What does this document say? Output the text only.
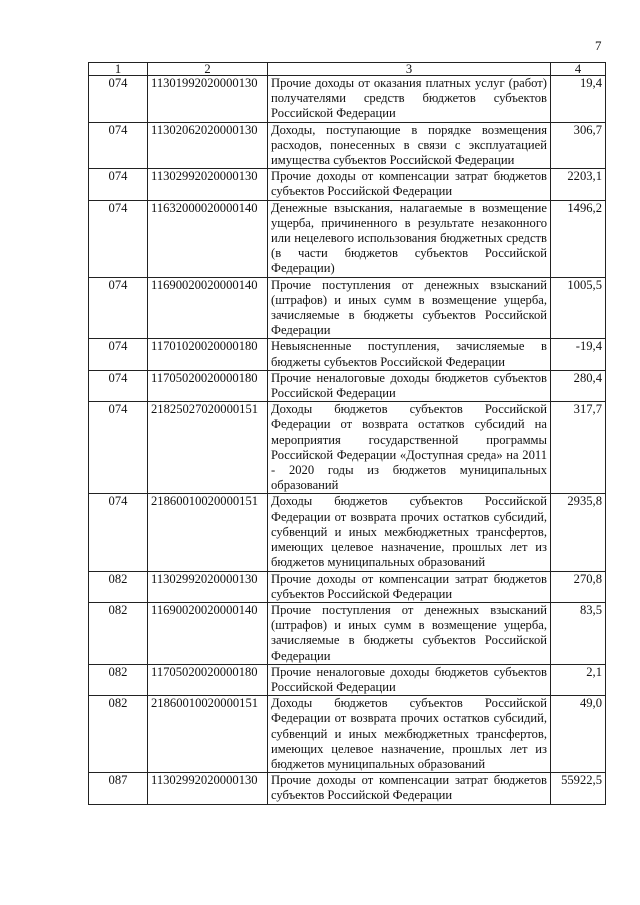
7
1	2	3	4
074	11301992020000130	Прочие доходы от оказания платных услуг (работ) получателями средств бюджетов субъектов Российской Федерации	19,4
074	11302062020000130	Доходы, поступающие в порядке возмещения расходов, понесенных в связи с эксплуатацией имущества субъектов Российской Федерации	306,7
074	11302992020000130	Прочие доходы от компенсации затрат бюджетов субъектов Российской Федерации	2203,1
074	11632000020000140	Денежные взыскания, налагаемые в возмещение ущерба, причиненного в результате незаконного или нецелевого использования бюджетных средств (в части бюджетов субъектов Российской Федерации)	1496,2
074	11690020020000140	Прочие поступления от денежных взысканий (штрафов) и иных сумм в возмещение ущерба, зачисляемые в бюджеты субъектов Российской Федерации	1005,5
074	11701020020000180	Невыясненные поступления, зачисляемые в бюджеты субъектов Российской Федерации	-19,4
074	11705020020000180	Прочие неналоговые доходы бюджетов субъектов Российской Федерации	280,4
074	21825027020000151	Доходы бюджетов субъектов Российской Федерации от возврата остатков субсидий на мероприятия государственной программы Российской Федерации «Доступная среда» на 2011 - 2020 годы из бюджетов муниципальных образований	317,7
074	21860010020000151	Доходы бюджетов субъектов Российской Федерации от возврата прочих остатков субсидий, субвенций и иных межбюджетных трансфертов, имеющих целевое назначение, прошлых лет из бюджетов муниципальных образований	2935,8
082	11302992020000130	Прочие доходы от компенсации затрат бюджетов субъектов Российской Федерации	270,8
082	11690020020000140	Прочие поступления от денежных взысканий (штрафов) и иных сумм в возмещение ущерба, зачисляемые в бюджеты субъектов Российской Федерации	83,5
082	11705020020000180	Прочие неналоговые доходы бюджетов субъектов Российской Федерации	2,1
082	21860010020000151	Доходы бюджетов субъектов Российской Федерации от возврата прочих остатков субсидий, субвенций и иных межбюджетных трансфертов, имеющих целевое назначение, прошлых лет из бюджетов муниципальных образований	49,0
087	11302992020000130	Прочие доходы от компенсации затрат бюджетов субъектов Российской Федерации	55922,5
